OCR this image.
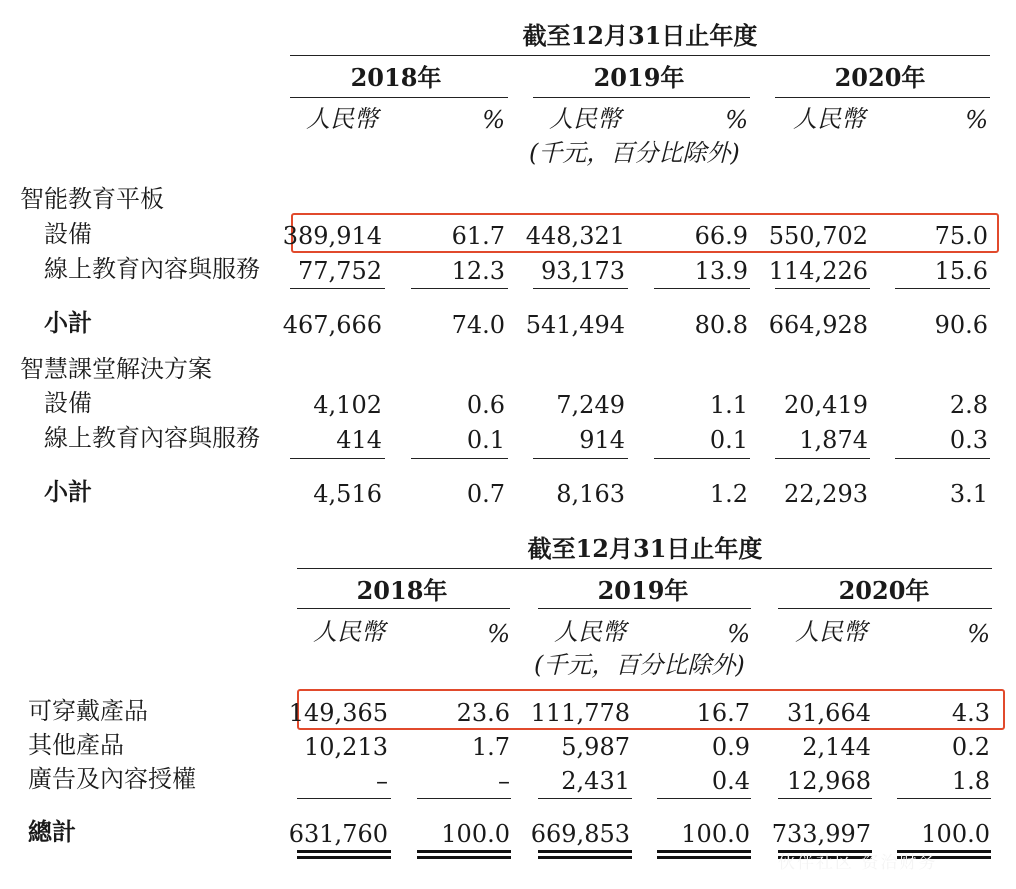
截至12月31日止年度
2018年	2019年	2020年
人民幣	% 人民幣	% 人民幣	%
(千元，百分比除外)
智能教育平板
設備	389,914	61.7 448,321	66.9 550,702	75.0
線上教育內容與服務 77,752	12.3 93,173	13.9 114,226	15.6
小計	467,666	74.0 541,494	80.8 664,928	90.6
智慧課堂解決方案
設備	4,102	0.6 7,249	1.1 20,419	2.8
線上教育內容與服務	414	0.1	914	0.1 1,874	0.3
小計	4,516	0.7 8,163	1.2 22,293	3.1
截至12月31日止年度
2018年	2019年	2020年
人民幣	% 人民幣	% 人民幣	%
(千元，百分比除外)
可穿戴產品	149,365	23.6 111,778	16.7 31,664	4.3
其他產品	10,213	1.7 5,987	0.9 2,144	0.2
廣告及內容授權	–	– 2,431	0.4 12,968	1.8
總計	631,760 100.0 669,853 100.0 733,997 100.0
伙伴社区 资治财务
